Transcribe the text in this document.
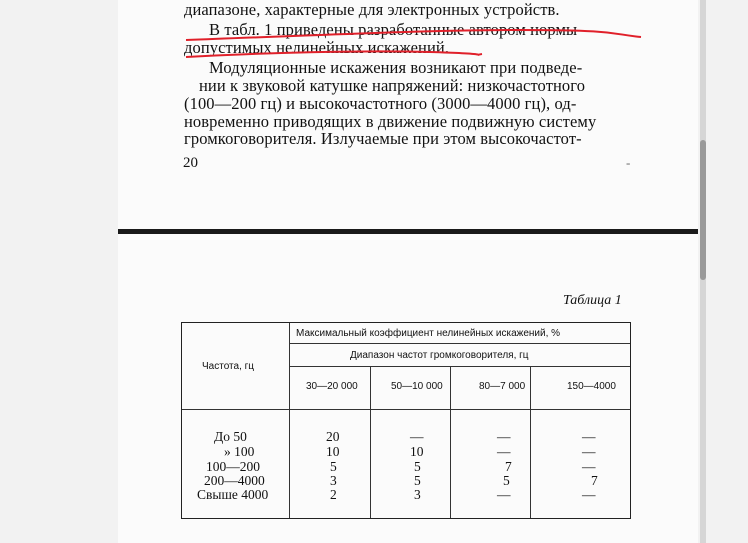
диапазоне, характерные для электронных устройств.
В табл. 1 приведены разработанные автором нормы
допустимых нелинейных искажений.
Модуляционные искажения возникают при подведе-
нии к звуковой катушке напряжений: низкочастотного
(100—200 гц) и высокочастотного (3000—4000 гц), од-
новременно приводящих в движение подвижную систему
громкоговорителя. Излучаемые при этом высокочастот-
20	-
Таблица 1
Частота, гц
Максимальный коэффициент нелинейных искажений, %
Диапазон частот громкоговорителя, гц
30—20 000	50—10 000	80—7 000	150—4000
До 50	20	—	—	—
» 100	10	10	—	—
100—200	5	5	7	—
200—4000	3	5	5	7
Свыше 4000	2	3	—	—
